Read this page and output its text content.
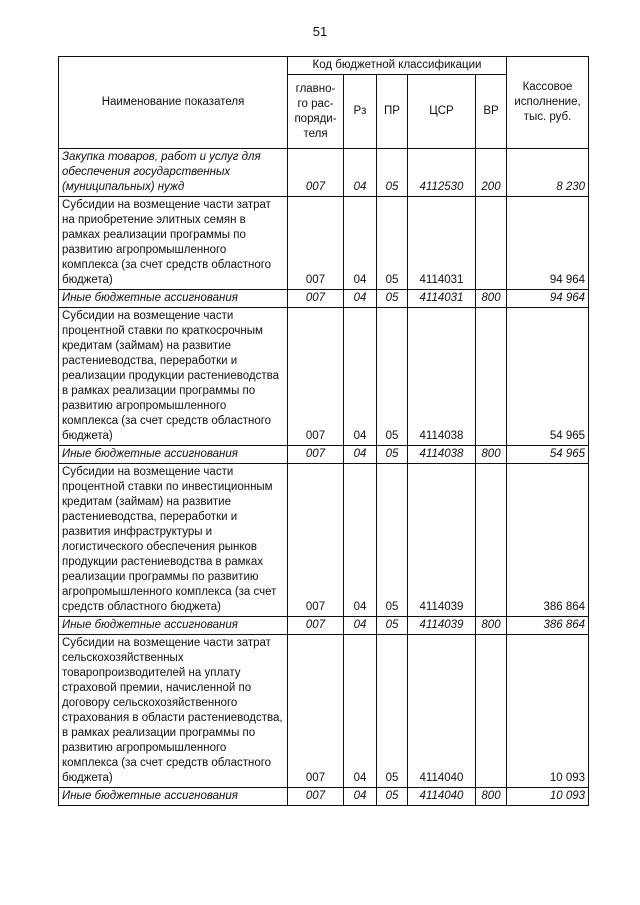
51
Наименование показателя	Код бюджетной классификации					Кассовое исполнение, тыс. руб.
	главно-го рас-поряди-теля	Рз	ПР	ЦСР	ВР	
Закупка товаров, работ и услуг для обеспечения государственных (муниципальных) нужд	007	04	05	4112530	200	8 230
Субсидии на возмещение части затрат на приобретение элитных семян в рамках реализации программы по развитию агропромышленного комплекса (за счет средств областного бюджета)	007	04	05	4114031		94 964
Иные бюджетные ассигнования	007	04	05	4114031	800	94 964
Субсидии на возмещение части процентной ставки по краткосрочным кредитам (займам) на развитие растениеводства, переработки и реализации продукции растениеводства в рамках реализации программы по развитию агропромышленного комплекса (за счет средств областного бюджета)	007	04	05	4114038		54 965
Иные бюджетные ассигнования	007	04	05	4114038	800	54 965
Субсидии на возмещение части процентной ставки по инвестиционным кредитам (займам) на развитие растениеводства, переработки и развития инфраструктуры и логистического обеспечения рынков продукции растениеводства в рамках реализации программы по развитию агропромышленного комплекса (за счет средств областного бюджета)	007	04	05	4114039		386 864
Иные бюджетные ассигнования	007	04	05	4114039	800	386 864
Субсидии на возмещение части затрат сельскохозяйственных товаропроизводителей на уплату страховой премии, начисленной по договору сельскохозяйственного страхования в области растениеводства, в рамках реализации программы по развитию агропромышленного комплекса (за счет средств областного бюджета)	007	04	05	4114040		10 093
Иные бюджетные ассигнования	007	04	05	4114040	800	10 093
